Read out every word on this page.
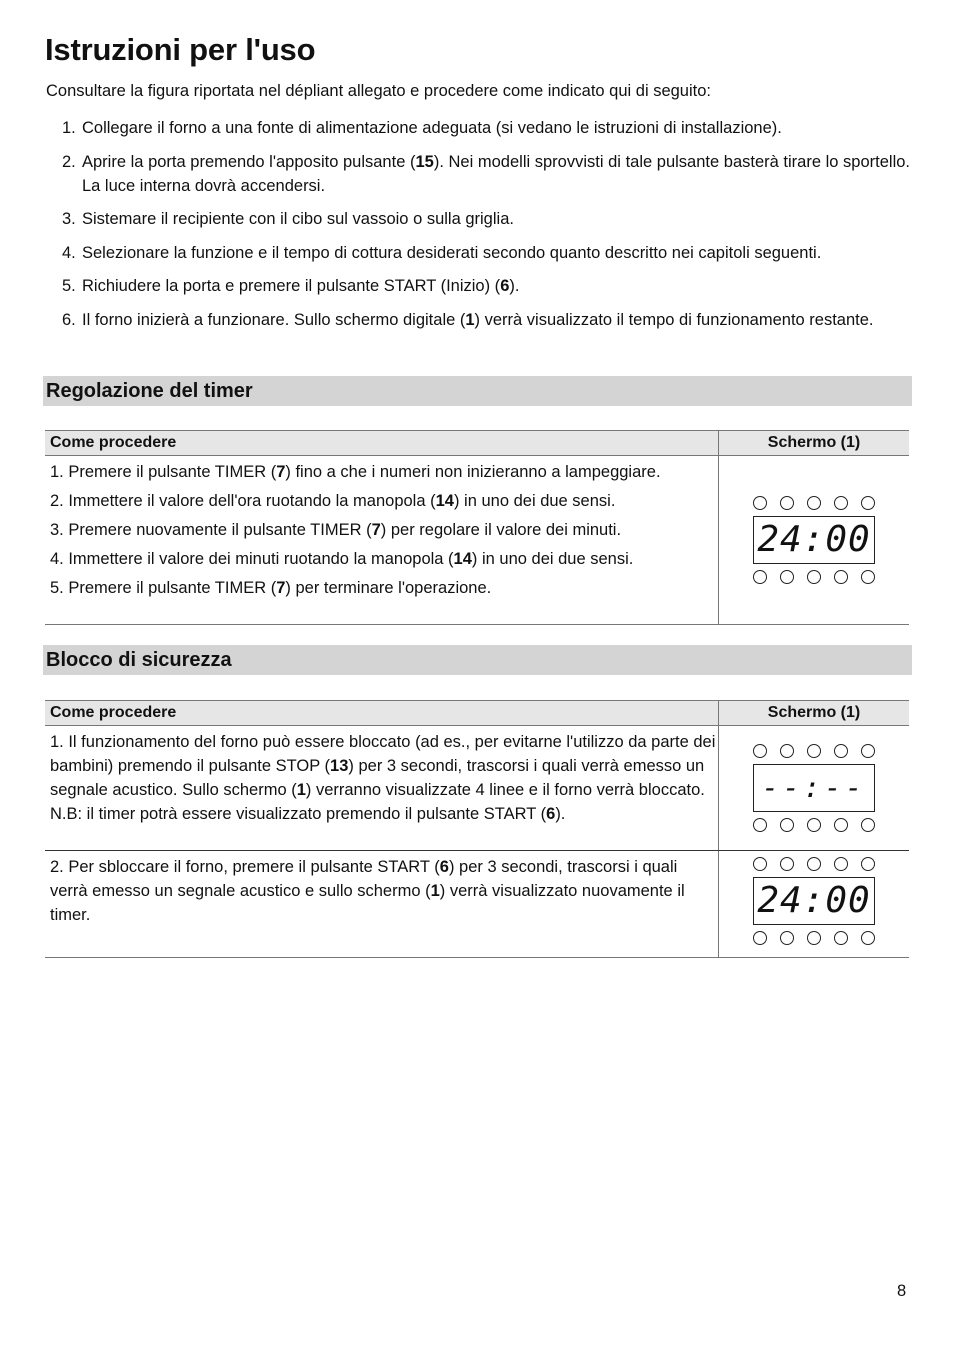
Istruzioni per l'uso

Consultare la figura riportata nel dépliant allegato e procedere come indicato qui di seguito:

1. Collegare il forno a una fonte di alimentazione adeguata (si vedano le istruzioni di installazione).
2. Aprire la porta premendo l'apposito pulsante (15). Nei modelli sprovvisti di tale pulsante basterà tirare lo sportello. La luce interna dovrà accendersi.
3. Sistemare il recipiente con il cibo sul vassoio o sulla griglia.
4. Selezionare la funzione e il tempo di cottura desiderati secondo quanto descritto nei capitoli seguenti.
5. Richiudere la porta e premere il pulsante START (Inizio) (6).
6. Il forno inizierà a funzionare. Sullo schermo digitale (1) verrà visualizzato il tempo di funzionamento restante.
Regolazione del timer
Come procedere	Schermo (1)

1. Premere il pulsante TIMER (7) fino a che i numeri non inizieranno a lampeggiare.

2. Immettere il valore dell'ora ruotando la manopola (14) in uno dei due sensi.

3. Premere nuovamente il pulsante TIMER (7) per regolare il valore dei minuti.

4. Immettere il valore dei minuti ruotando la manopola (14) in uno dei due sensi.

5. Premere il pulsante TIMER (7) per terminare l'operazione.	24:00
Blocco di sicurezza
Come procedere	Schermo (1)

1. Il funzionamento del forno può essere bloccato (ad es., per evitarne l'utilizzo da parte dei bambini) premendo il pulsante STOP (13) per 3 secondi, trascorsi i quali verrà emesso un segnale acustico. Sullo schermo (1) verranno visualizzate 4 linee e il forno verrà bloccato. N.B: il timer potrà essere visualizzato premendo il pulsante START (6).	--:--

2. Per sbloccare il forno, premere il pulsante START (6) per 3 secondi, trascorsi i quali verrà emesso un segnale acustico e sullo schermo (1) verrà visualizzato nuovamente il timer.	24:00
8
